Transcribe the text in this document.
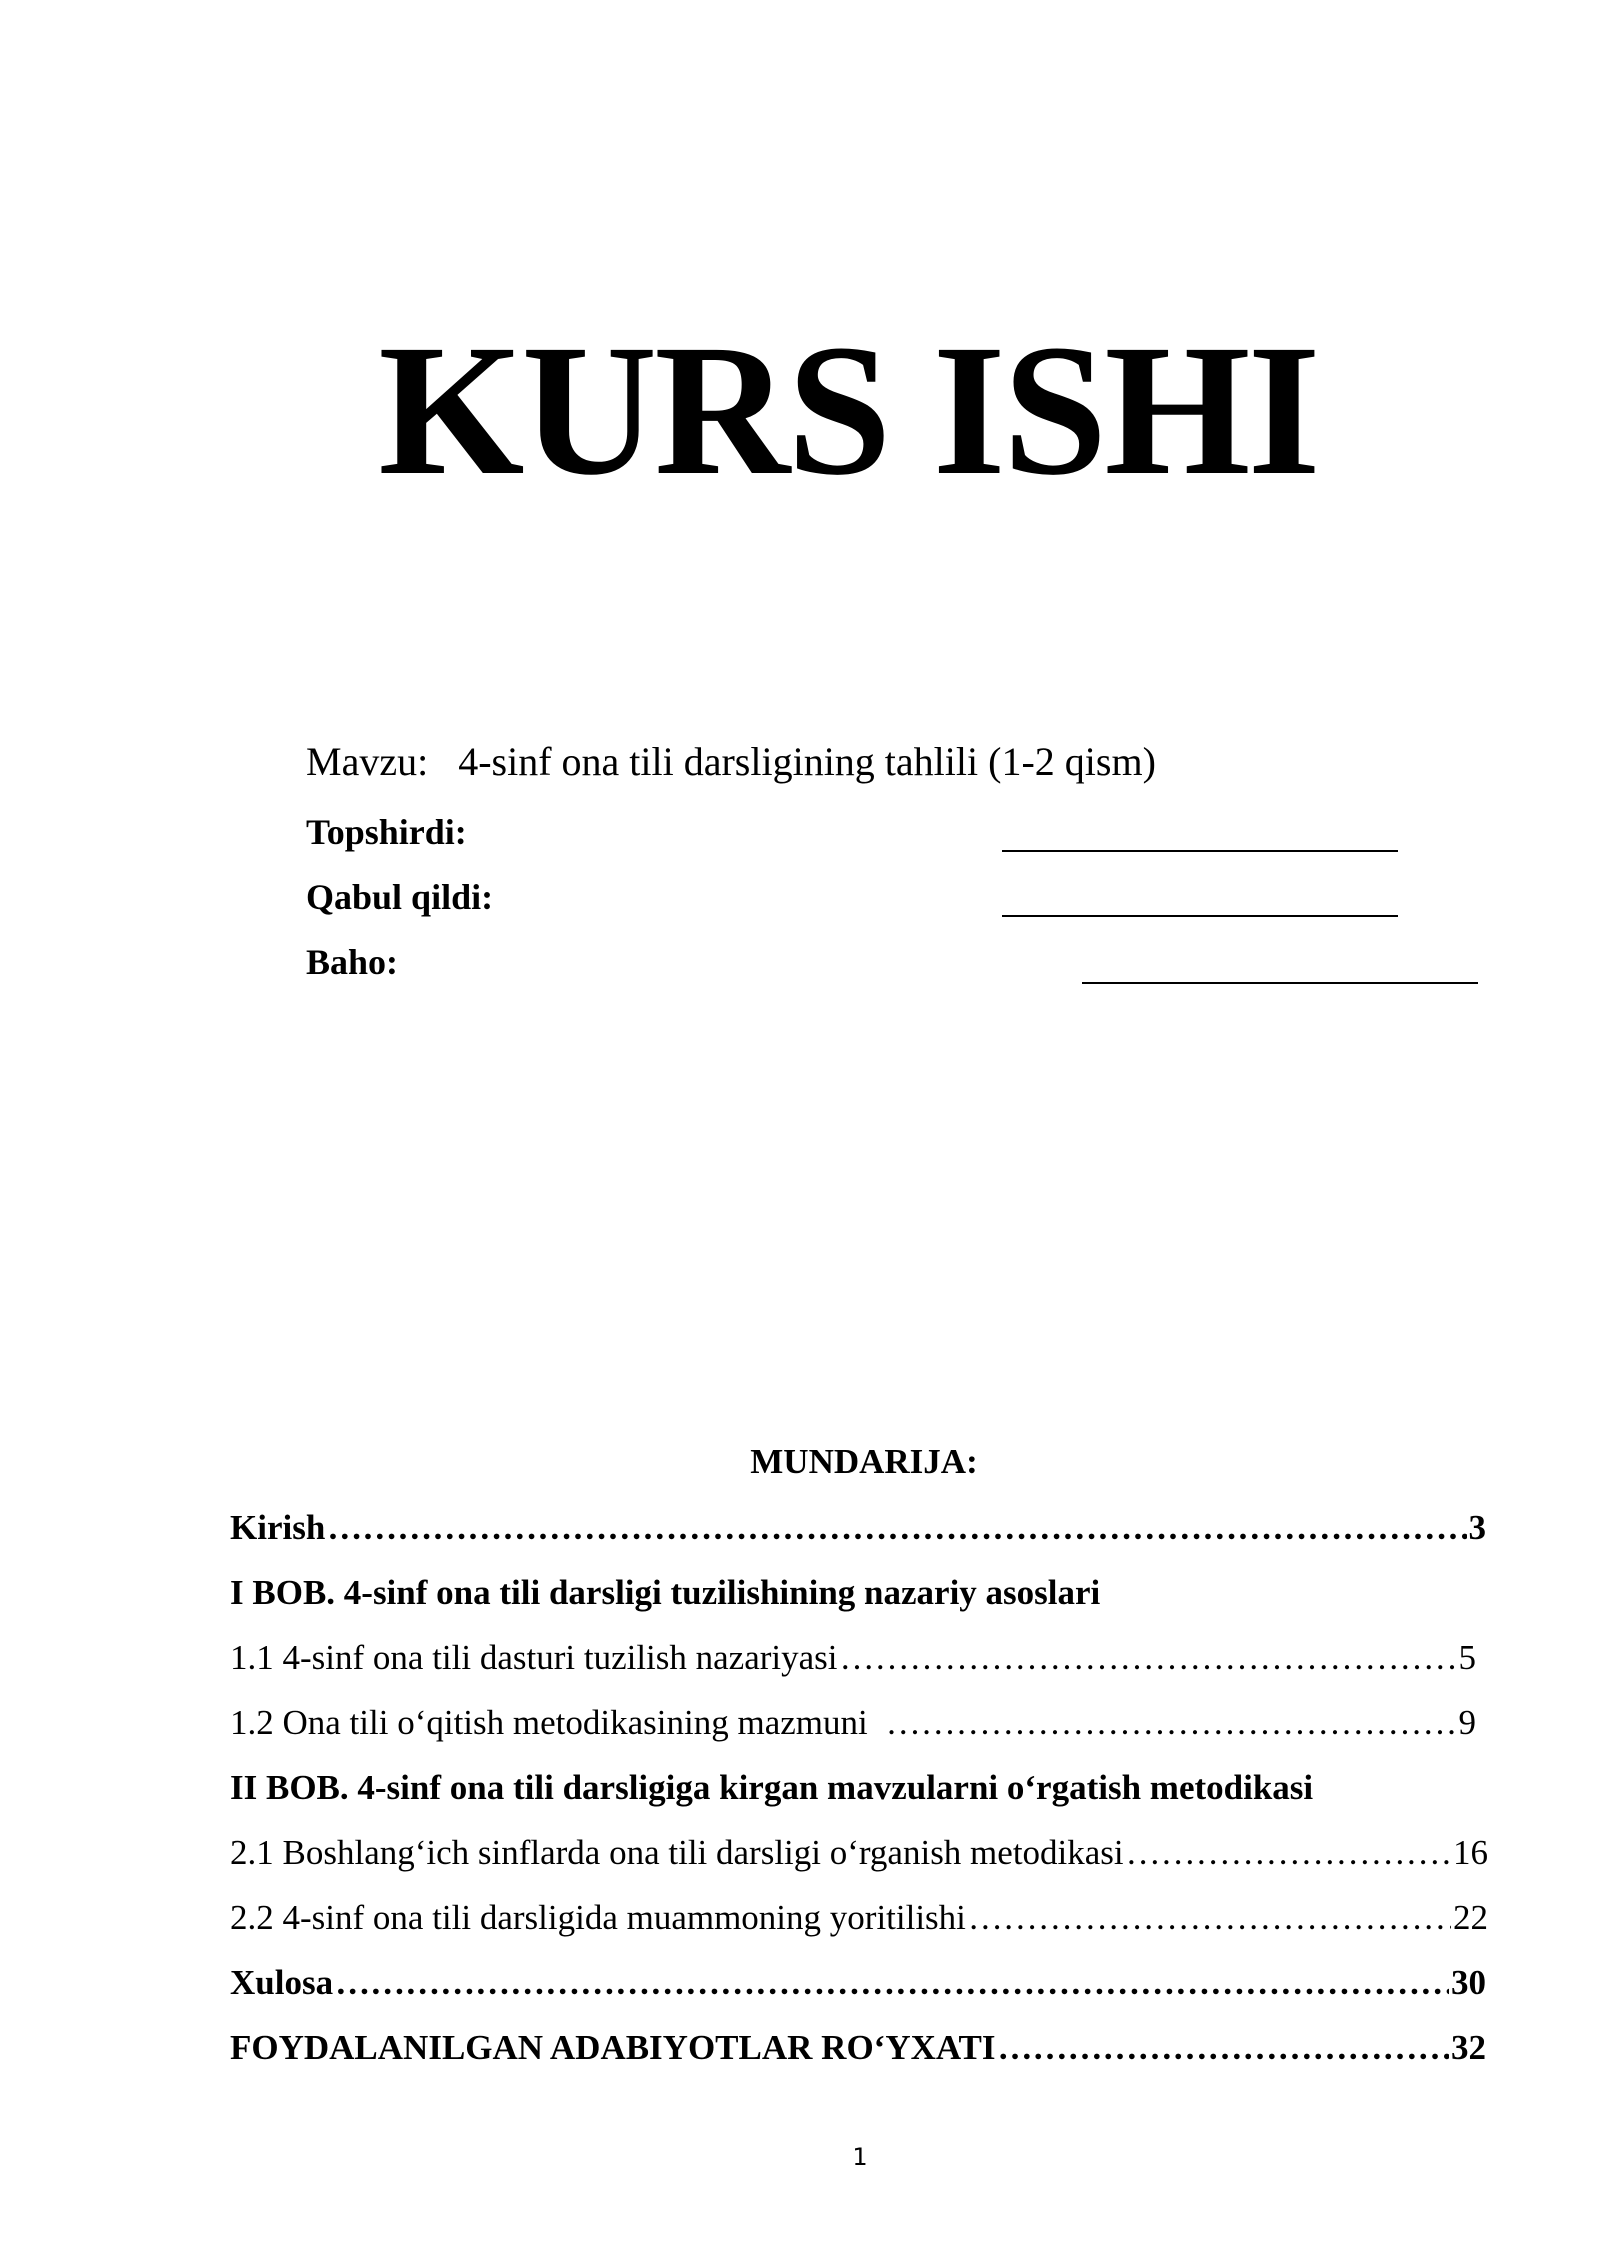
KURS ISHI
Mavzu: 4-sinf ona tili darsligining tahlili (1-2 qism)
Topshirdi:
Qabul qildi:
Baho:
MUNDARIJA:
Kirish ……………………………………………………………………………………………………………………………………………………………………………………	3
I BOB. 4-sinf ona tili darsligi tuzilishining nazariy asoslari
1.1 4-sinf ona tili dasturi tuzilish nazariyasi ……………………………………………………………………………………………………………………………………………………………………………………	5
1.2 Ona tili o‘qitish metodikasining mazmuni ……………………………………………………………………………………………………………………………………………………………………………………	9
II BOB. 4-sinf ona tili darsligiga kirgan mavzularni o‘rgatish metodikasi
2.1 Boshlang‘ich sinflarda ona tili darsligi o‘rganish metodikasi ……………………………………………………………………………………………………………………………………………………………………………………	16
2.2 4-sinf ona tili darsligida muammoning yoritilishi ……………………………………………………………………………………………………………………………………………………………………………………	22
Xulosa ……………………………………………………………………………………………………………………………………………………………………………………	30
FOYDALANILGAN ADABIYOTLAR RO‘YXATI ……………………………………………………………………………………………………………………………………………………………………………………	32
1
